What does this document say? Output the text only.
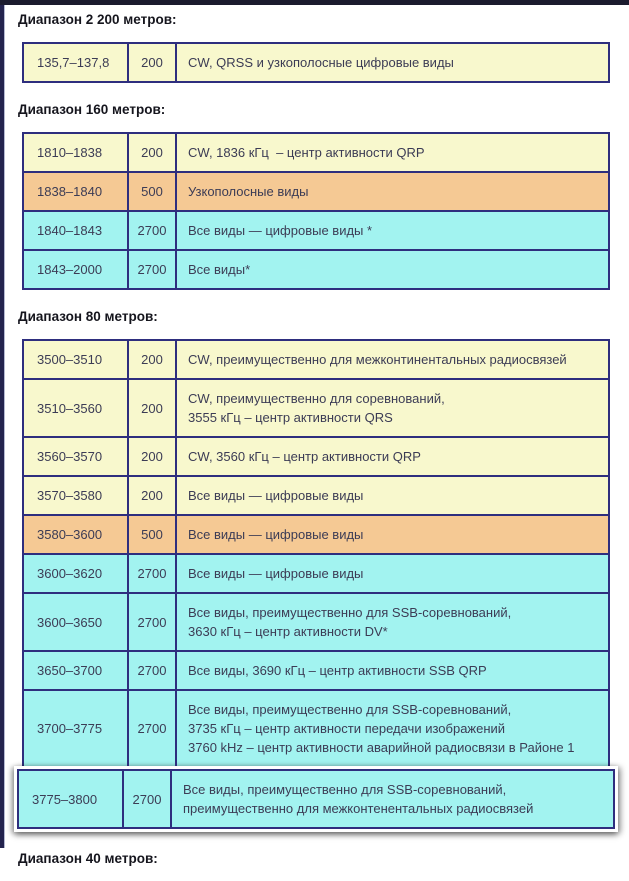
Диапазон 2 200 метров:
135,7–137,8	200	CW, QRSS и узкополосные цифровые виды
Диапазон 160 метров:
1810–1838	200	CW, 1836 кГц  – центр активности QRP
1838–1840	500	Узкополосные виды
1840–1843	2700	Все виды — цифровые виды *
1843–2000	2700	Все виды*
Диапазон 80 метров:
3500–3510	200	CW, преимущественно для межконтинентальных радиосвязей
3510–3560	200
CW, преимущественно для соревнований,
3555 кГц – центр активности QRS
3560–3570	200	CW, 3560 кГц – центр активности QRP
3570–3580	200	Все виды — цифровые виды
3580–3600	500	Все виды — цифровые виды
3600–3620	2700	Все виды — цифровые виды
3600–3650	2700
Все виды, преимущественно для SSB-соревнований,
3630 кГц – центр активности DV*
3650–3700	2700	Все виды, 3690 кГц – центр активности SSB QRP
3700–3775	2700
Все виды, преимущественно для SSB-соревнований,
3735 кГц – центр активности передачи изображений
3760 kHz – центр активности аварийной радиосвязи в Районе 1
3775–3800	2700
Все виды, преимущественно для SSB-соревнований,
преимущественно для межконтенентальных радиосвязей
Диапазон 40 метров:
